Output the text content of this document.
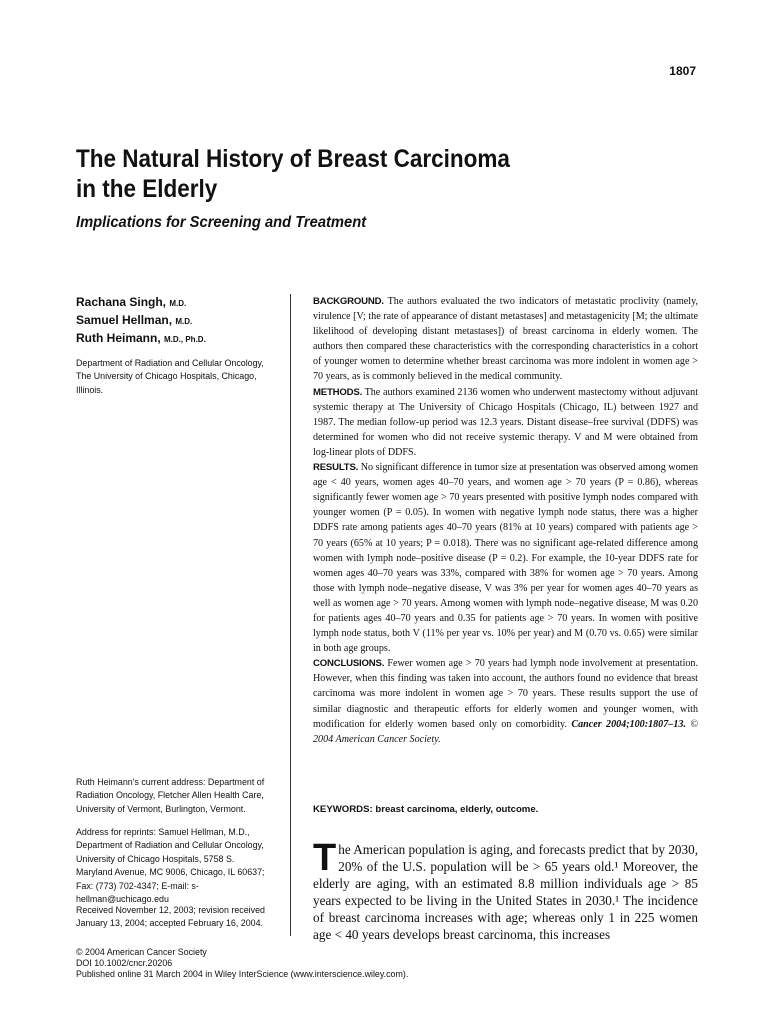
1807
The Natural History of Breast Carcinoma
in the Elderly
Implications for Screening and Treatment
Rachana Singh, M.D.
Samuel Hellman, M.D.
Ruth Heimann, M.D., Ph.D.
Department of Radiation and Cellular Oncology, The University of Chicago Hospitals, Chicago, Illinois.
Ruth Heimann's current address: Department of Radiation Oncology, Fletcher Allen Health Care, University of Vermont, Burlington, Vermont.
Address for reprints: Samuel Hellman, M.D., Department of Radiation and Cellular Oncology, University of Chicago Hospitals, 5758 S. Maryland Avenue, MC 9006, Chicago, IL 60637; Fax: (773) 702-4347; E-mail: s-hellman@uchicago.edu
Received November 12, 2003; revision received January 13, 2004; accepted February 16, 2004.

BACKGROUND. The authors evaluated the two indicators of metastatic proclivity (namely, virulence [V; the rate of appearance of distant metastases] and metastagenicity [M; the ultimate likelihood of developing distant metastases]) of breast carcinoma in elderly women. The authors then compared these characteristics with the corresponding characteristics in a cohort of younger women to determine whether breast carcinoma was more indolent in women age > 70 years, as is commonly believed in the medical community.

METHODS. The authors examined 2136 women who underwent mastectomy without adjuvant systemic therapy at The University of Chicago Hospitals (Chicago, IL) between 1927 and 1987. The median follow-up period was 12.3 years. Distant disease–free survival (DDFS) was determined for women who did not receive systemic therapy. V and M were obtained from log-linear plots of DDFS.

RESULTS. No significant difference in tumor size at presentation was observed among women age < 40 years, women ages 40–70 years, and women age > 70 years (P = 0.86), whereas significantly fewer women age > 70 years presented with positive lymph nodes compared with younger women (P = 0.05). In women with negative lymph node status, there was a higher DDFS rate among patients ages 40–70 years (81% at 10 years) compared with patients age > 70 years (65% at 10 years; P = 0.018). There was no significant age-related difference among women with lymph node–positive disease (P = 0.2). For example, the 10-year DDFS rate for women ages 40–70 years was 33%, compared with 38% for women age > 70 years. Among those with lymph node–negative disease, V was 3% per year for women ages 40–70 years as well as women age > 70 years. Among women with lymph node–negative disease, M was 0.20 for patients ages 40–70 years and 0.35 for patients age > 70 years. In women with positive lymph node status, both V (11% per year vs. 10% per year) and M (0.70 vs. 0.65) were similar in both age groups.

CONCLUSIONS. Fewer women age > 70 years had lymph node involvement at presentation. However, when this finding was taken into account, the authors found no evidence that breast carcinoma was more indolent in women age > 70 years. These results support the use of similar diagnostic and therapeutic efforts for elderly women and younger women, with modification for elderly women based only on comorbidity. Cancer 2004;100:1807–13. © 2004 American Cancer Society.

KEYWORDS: breast carcinoma, elderly, outcome.
The American population is aging, and forecasts predict that by 2030, 20% of the U.S. population will be > 65 years old.¹ Moreover, the elderly are aging, with an estimated 8.8 million individuals age > 85 years expected to be living in the United States in 2030.¹ The incidence of breast carcinoma increases with age; whereas only 1 in 225 women age < 40 years develops breast carcinoma, this increases
© 2004 American Cancer Society
DOI 10.1002/cncr.20206
Published online 31 March 2004 in Wiley InterScience (www.interscience.wiley.com).
